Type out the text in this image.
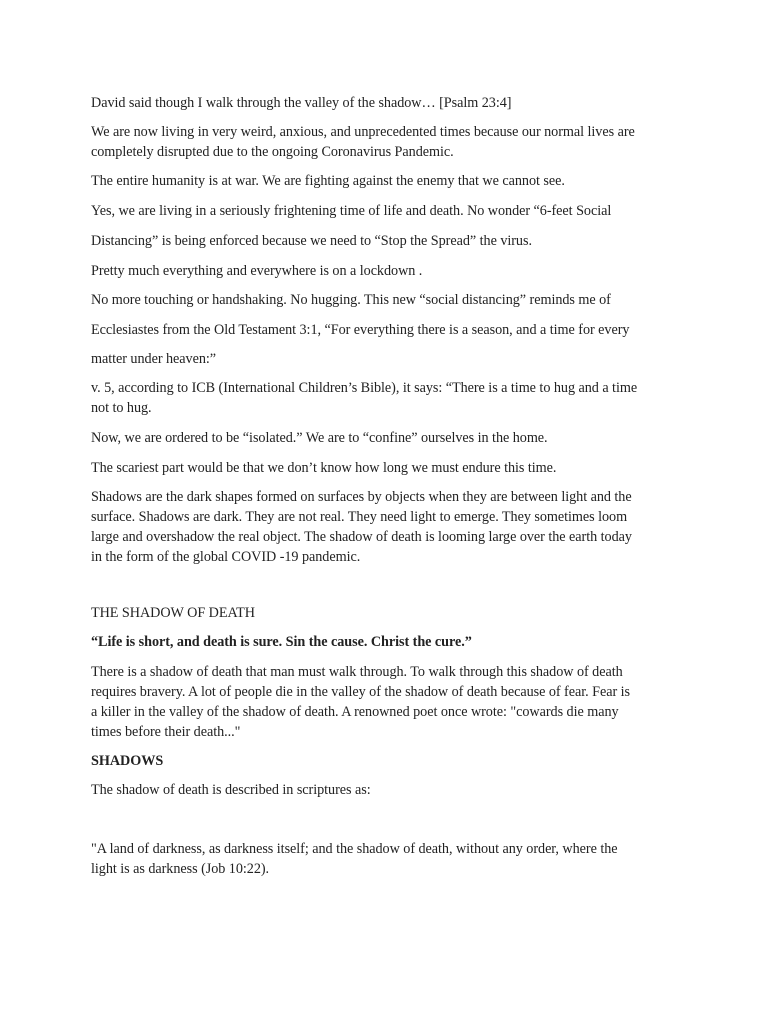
David said though I walk through the valley of the shadow… [Psalm 23:4]

We are now living in very weird, anxious, and unprecedented times because our normal lives are

completely disrupted due to the ongoing Coronavirus Pandemic.

The entire humanity is at war. We are fighting against the enemy that we cannot see.

Yes, we are living in a seriously frightening time of life and death. No wonder “6-feet Social

Distancing” is being enforced because we need to “Stop the Spread” the virus.

Pretty much everything and everywhere is on a lockdown .

No more touching or handshaking. No hugging. This new “social distancing” reminds me of

Ecclesiastes from the Old Testament 3:1, “For everything there is a season, and a time for every

matter under heaven:”

v. 5, according to ICB (International Children’s Bible), it says: “There is a time to hug and a time

not to hug.

Now, we are ordered to be “isolated.” We are to “confine” ourselves in the home.

The scariest part would be that we don’t know how long we must endure this time.

Shadows are the dark shapes formed on surfaces by objects when they are between light and the

surface. Shadows are dark. They are not real. They need light to emerge. They sometimes loom

large and overshadow the real object. The shadow of death is looming large over the earth today

in the form of the global COVID -19 pandemic.

THE SHADOW OF DEATH

“Life is short, and death is sure. Sin the cause. Christ the cure.”

There is a shadow of death that man must walk through. To walk through this shadow of death

requires bravery. A lot of people die in the valley of the shadow of death because of fear. Fear is

a killer in the valley of the shadow of death. A renowned poet once wrote: "cowards die many

times before their death..."

SHADOWS

The shadow of death is described in scriptures as:

"A land of darkness, as darkness itself; and the shadow of death, without any order, where the

light is as darkness (Job 10:22).
